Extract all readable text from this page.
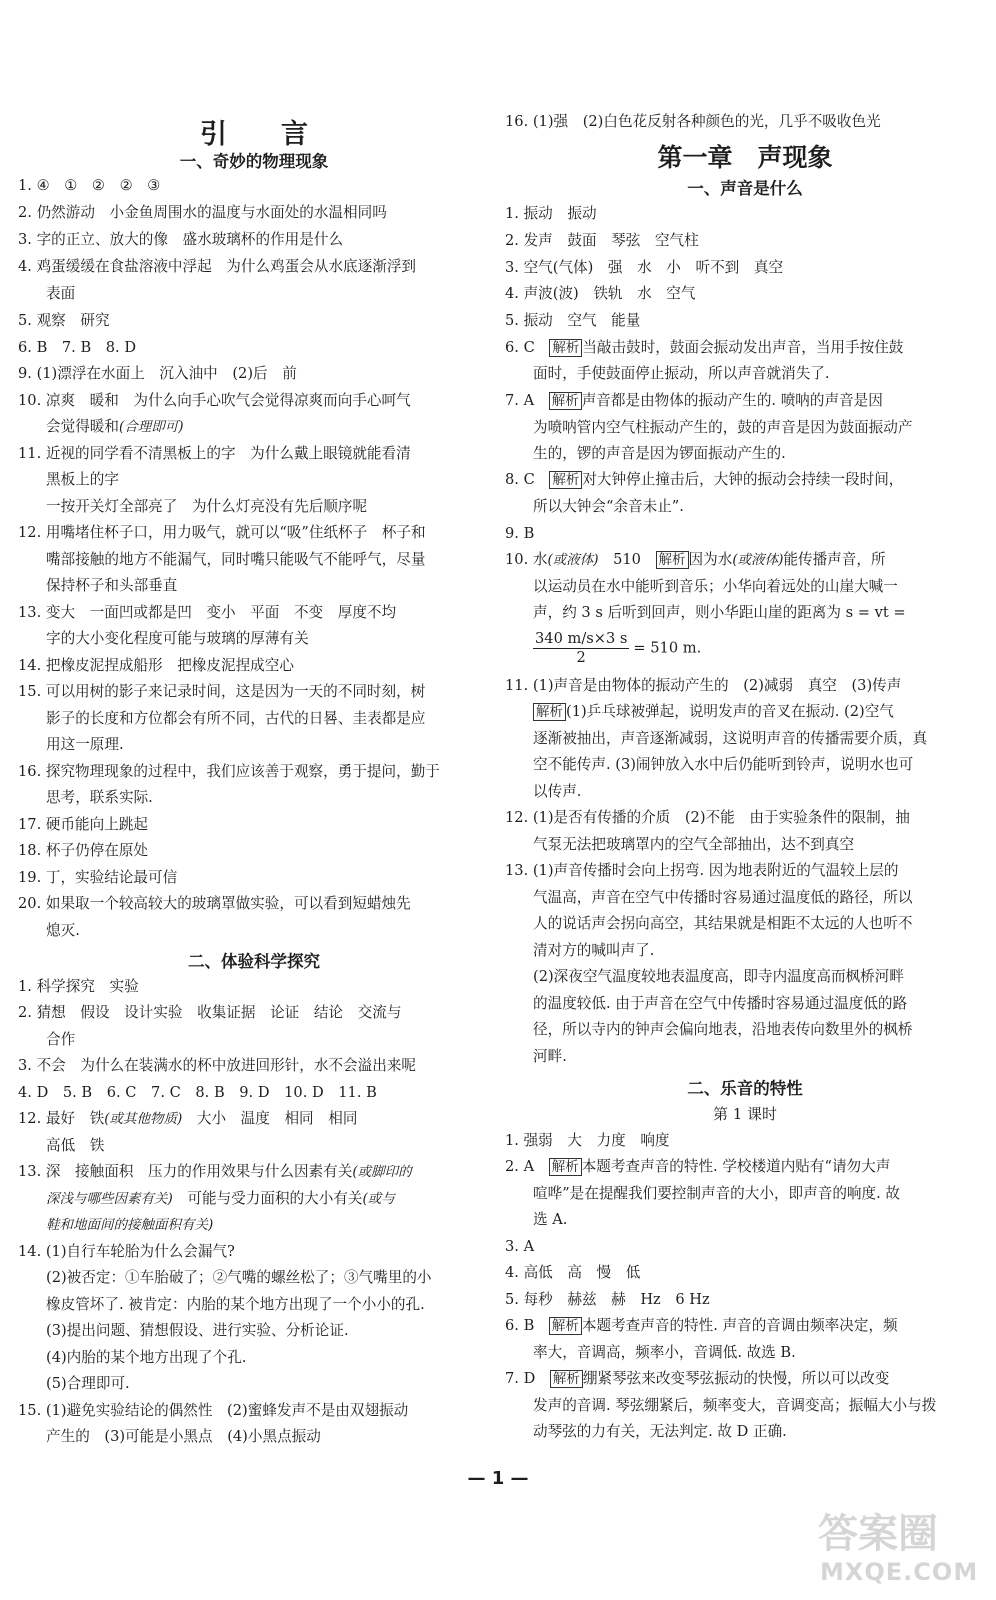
引　　言
一、奇妙的物理现象
1. ④　①　②　②　③
2. 仍然游动　小金鱼周围水的温度与水面处的水温相同吗
3. 字的正立、放大的像　盛水玻璃杯的作用是什么
4. 鸡蛋缓缓在食盐溶液中浮起　为什么鸡蛋会从水底逐渐浮到
表面
5. 观察　研究
6. B　7. B　8. D
9. (1)漂浮在水面上　沉入油中　(2)后　前
10. 凉爽　暖和　为什么向手心吹气会觉得凉爽而向手心呵气
会觉得暖和(合理即可)
11. 近视的同学看不清黑板上的字　为什么戴上眼镜就能看清
黑板上的字
一按开关灯全部亮了　为什么灯亮没有先后顺序呢
12. 用嘴堵住杯子口，用力吸气，就可以“吸”住纸杯子　杯子和
嘴部接触的地方不能漏气，同时嘴只能吸气不能呼气，尽量
保持杯子和头部垂直
13. 变大　一面凹或都是凹　变小　平面　不变　厚度不均
字的大小变化程度可能与玻璃的厚薄有关
14. 把橡皮泥捏成船形　把橡皮泥捏成空心
15. 可以用树的影子来记录时间，这是因为一天的不同时刻，树
影子的长度和方位都会有所不同，古代的日晷、圭表都是应
用这一原理.
16. 探究物理现象的过程中，我们应该善于观察，勇于提问，勤于
思考，联系实际.
17. 硬币能向上跳起
18. 杯子仍停在原处
19. 丁，实验结论最可信
20. 如果取一个较高较大的玻璃罩做实验，可以看到短蜡烛先
熄灭.
二、体验科学探究
1. 科学探究　实验
2. 猜想　假设　设计实验　收集证据　论证　结论　交流与
合作
3. 不会　为什么在装满水的杯中放进回形针，水不会溢出来呢
4. D　5. B　6. C　7. C　8. B　9. D　10. D　11. B
12. 最好　铁(或其他物质)　大小　温度　相同　相同
高低　铁
13. 深　接触面积　压力的作用效果与什么因素有关(或脚印的
深浅与哪些因素有关)　可能与受力面积的大小有关(或与
鞋和地面间的接触面积有关)
14. (1)自行车轮胎为什么会漏气?
(2)被否定：①车胎破了；②气嘴的螺丝松了；③气嘴里的小
橡皮管坏了. 被肯定：内胎的某个地方出现了一个小小的孔.
(3)提出问题、猜想假设、进行实验、分析论证.
(4)内胎的某个地方出现了个孔.
(5)合理即可.
15. (1)避免实验结论的偶然性　(2)蜜蜂发声不是由双翅振动
产生的　(3)可能是小黑点　(4)小黑点振动
16. (1)强　(2)白色花反射各种颜色的光，几乎不吸收色光
第一章　声现象
一、声音是什么
1. 振动　振动
2. 发声　鼓面　琴弦　空气柱
3. 空气(气体)　强　水　小　听不到　真空
4. 声波(波)　铁轨　水　空气
5. 振动　空气　能量
6. C　解析 当敲击鼓时，鼓面会振动发出声音，当用手按住鼓
面时，手使鼓面停止振动，所以声音就消失了.
7. A　解析 声音都是由物体的振动产生的. 喷呐的声音是因
为喷呐管内空气柱振动产生的，鼓的声音是因为鼓面振动产
生的，锣的声音是因为锣面振动产生的.
8. C　解析 对大钟停止撞击后，大钟的振动会持续一段时间，
所以大钟会“余音未止”.
9. B
10. 水(或液体)　510　解析 因为水(或液体)能传播声音，所
以运动员在水中能听到音乐；小华向着远处的山崖大喊一
声，约 3 s 后听到回声，则小华距山崖的距离为 s = vt =
$\frac{340 m/s\times 3 s}{2} = 510$ m.
11. (1)声音是由物体的振动产生的　(2)减弱　真空　(3)传声
解析 (1)乒乓球被弹起，说明发声的音叉在振动. (2)空气
逐渐被抽出，声音逐渐减弱，这说明声音的传播需要介质，真
空不能传声. (3)闹钟放入水中后仍能听到铃声，说明水也可
以传声.
12. (1)是否有传播的介质　(2)不能　由于实验条件的限制，抽
气泵无法把玻璃罩内的空气全部抽出，达不到真空
13. (1)声音传播时会向上拐弯. 因为地表附近的气温较上层的
气温高，声音在空气中传播时容易通过温度低的路径，所以
人的说话声会拐向高空，其结果就是相距不太远的人也听不
清对方的喊叫声了.
(2)深夜空气温度较地表温度高，即寺内温度高而枫桥河畔
的温度较低. 由于声音在空气中传播时容易通过温度低的路
径，所以寺内的钟声会偏向地表，沿地表传向数里外的枫桥
河畔.
二、乐音的特性
第 1 课时
1. 强弱　大　力度　响度
2. A　解析 本题考查声音的特性. 学校楼道内贴有“请勿大声
喧哗”是在提醒我们要控制声音的大小，即声音的响度. 故
选 A.
3. A
4. 高低　高　慢　低
5. 每秒　赫兹　赫　Hz　6 Hz
6. B　解析 本题考查声音的特性. 声音的音调由频率决定，频
率大，音调高，频率小，音调低. 故选 B.
7. D　解析 绷紧琴弦来改变琴弦振动的快慢，所以可以改变
发声的音调. 琴弦绷紧后，频率变大，音调变高；振幅大小与拨
动琴弦的力有关，无法判定. 故 D 正确.
— 1 —
答案圈
MXQE.COM
